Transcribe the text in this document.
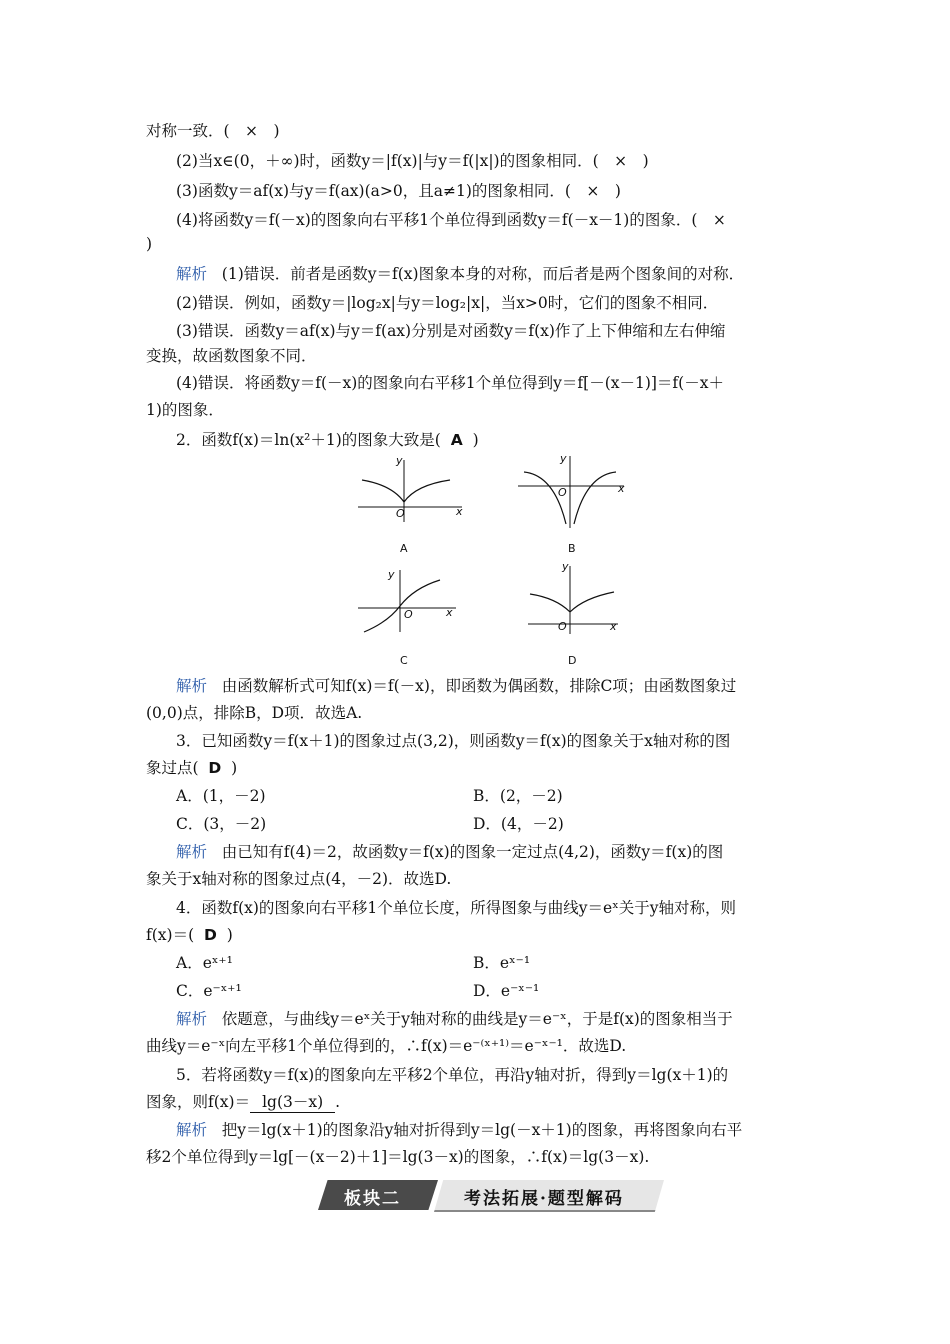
对称一致．(　×　)
(2)当x∈(0，＋∞)时，函数y＝|f(x)|与y＝f(|x|)的图象相同．(　×　)
(3)函数y＝af(x)与y＝f(ax)(a>0，且a≠1)的图象相同．(　×　)
(4)将函数y＝f(－x)的图象向右平移1个单位得到函数y＝f(－x－1)的图象．(　×
)
解析 (1)错误．前者是函数y＝f(x)图象本身的对称，而后者是两个图象间的对称．
(2)错误．例如，函数y＝|log₂x|与y＝log₂|x|，当x>0时，它们的图象不相同．
(3)错误．函数y＝af(x)与y＝f(ax)分别是对函数y＝f(x)作了上下伸缩和左右伸缩
变换，故函数图象不同．
(4)错误．将函数y＝f(－x)的图象向右平移1个单位得到y＝f[－(x－1)]＝f(－x＋
1)的图象．
2．函数f(x)＝ln(x²＋1)的图象大致是( A )
y
x
O
A
y
x
O
B
y
x
O
C
y
x
O
D
解析 由函数解析式可知f(x)＝f(－x)，即函数为偶函数，排除C项；由函数图象过
(0,0)点，排除B，D项．故选A.
3．已知函数y＝f(x＋1)的图象过点(3,2)，则函数y＝f(x)的图象关于x轴对称的图
象过点( D )
A．(1，－2)	B．(2，－2)
C．(3，－2)	D．(4，－2)
解析 由已知有f(4)＝2，故函数y＝f(x)的图象一定过点(4,2)，函数y＝f(x)的图
象关于x轴对称的图象过点(4，－2)．故选D.
4．函数f(x)的图象向右平移1个单位长度，所得图象与曲线y＝eˣ关于y轴对称，则
f(x)＝( D )
A．eˣ⁺¹	B．eˣ⁻¹
C．e⁻ˣ⁺¹	D．e⁻ˣ⁻¹
解析 依题意，与曲线y＝eˣ关于y轴对称的曲线是y＝e⁻ˣ，于是f(x)的图象相当于
曲线y＝e⁻ˣ向左平移1个单位得到的，∴f(x)＝e⁻⁽ˣ⁺¹⁾＝e⁻ˣ⁻¹．故选D.
5．若将函数y＝f(x)的图象向左平移2个单位，再沿y轴对折，得到y＝lg(x＋1)的
图象，则f(x)＝ lg(3－x) .
解析 把y＝lg(x＋1)的图象沿y轴对折得到y＝lg(－x＋1)的图象，再将图象向右平
移2个单位得到y＝lg[－(x－2)＋1]＝lg(3－x)的图象，∴f(x)＝lg(3－x).
板块二	考法拓展·题型解码
